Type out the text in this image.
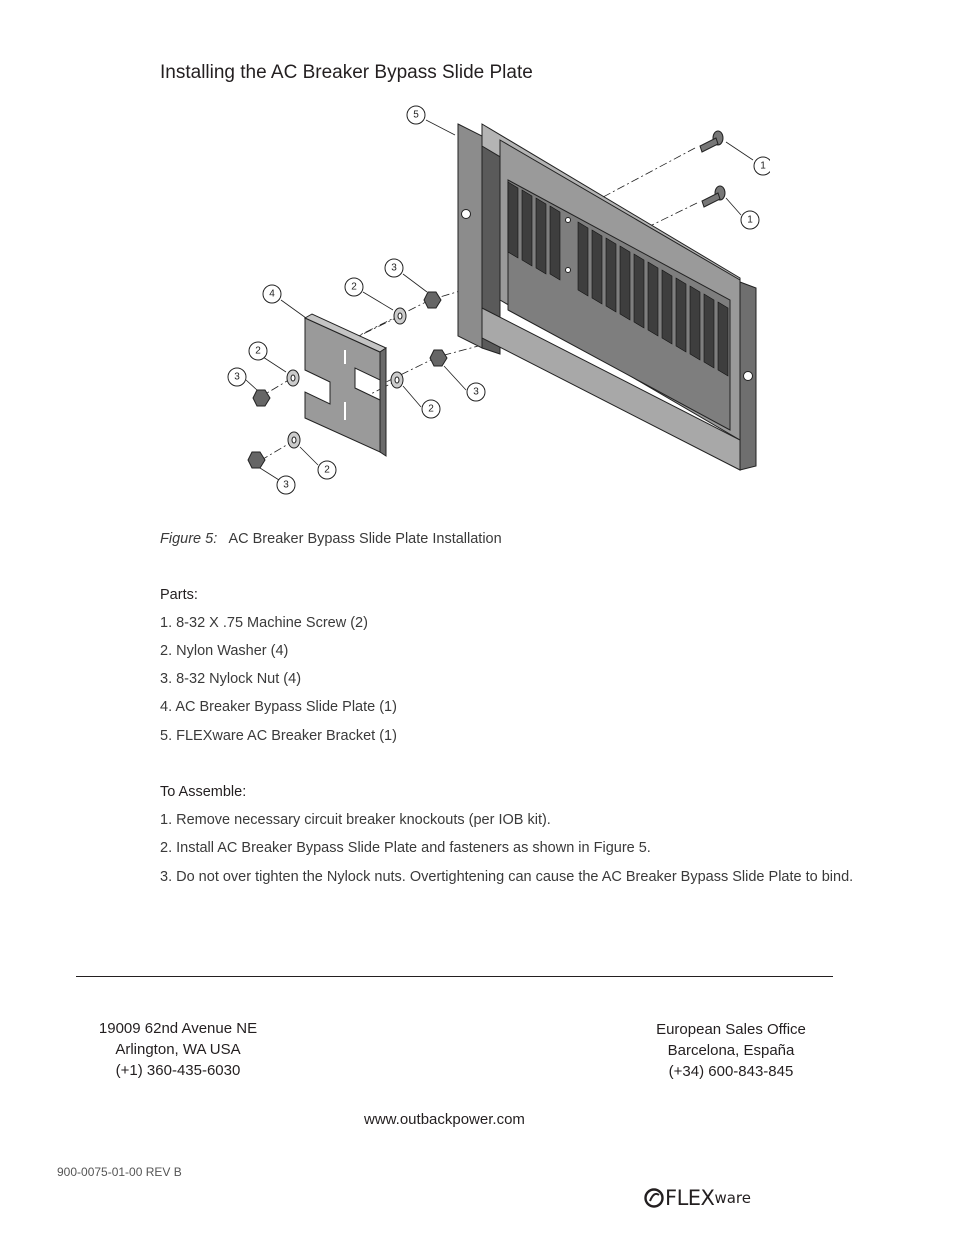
Installing the AC Breaker Bypass Slide Plate
5
1
1
3
2
4
2
3
3
2
2
3
Figure 5: AC Breaker Bypass Slide Plate Installation
Parts:
1. 8-32 X .75 Machine Screw (2)
2. Nylon Washer (4)
3. 8-32 Nylock Nut (4)
4. AC Breaker Bypass Slide Plate (1)
5. FLEXware AC Breaker Bracket (1)
To Assemble:
1. Remove necessary circuit breaker knockouts (per IOB kit).
2. Install AC Breaker Bypass Slide Plate and fasteners as shown in Figure 5.
3. Do not over tighten the Nylock nuts. Overtightening can cause the AC Breaker Bypass Slide Plate to bind.
19009 62nd Avenue NE
Arlington, WA USA
(+1) 360-435-6030
European Sales Office
Barcelona, España
(+34) 600-843-845
www.outbackpower.com
900-0075-01-00 REV B
FLEX ware
